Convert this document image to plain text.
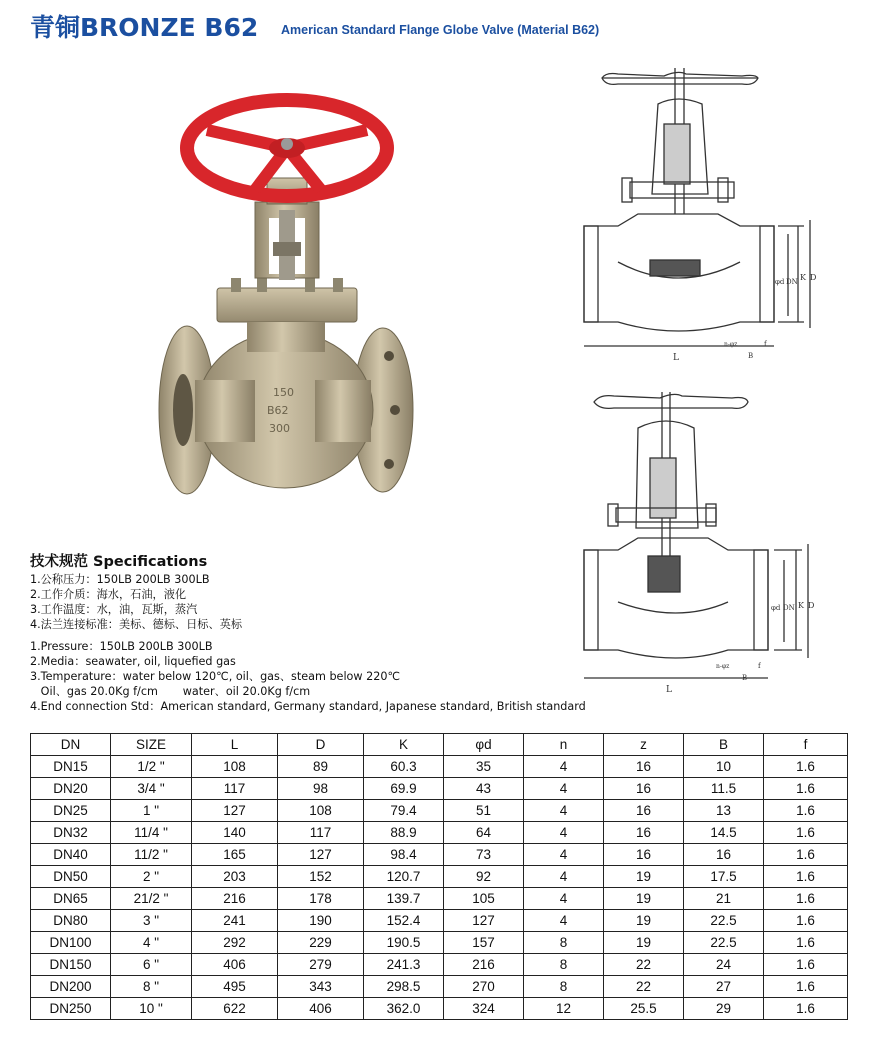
青铜BRONZE B62 American Standard Flange Globe Valve (Material B62)
150
B62
300
L
D
K
DN
φd
n-φz
B
f
L
D
K
DN
φd
n-φz
B
f
技术规范 Specifications
1.公称压力：150LB 200LB 300LB
2.工作介质：海水，石油，液化
3.工作温度：水，油，瓦斯，蒸汽
4.法兰连接标准：美标、德标、日标、英标
1.Pressure：150LB 200LB 300LB
2.Media：seawater, oil, liquefied gas
3.Temperature：water below 120℃, oil、gas、steam below 220℃
Oil、gas 20.0Kg f/cm       water、oil 20.0Kg f/cm
4.End connection Std：American standard, Germany standard, Japanese standard, British standard
DN	SIZE	L	D	K	φd	n	z	B	f
DN15	1/2 "	108	89	60.3	35	4	16	10	1.6
DN20	3/4 "	117	98	69.9	43	4	16	11.5	1.6
DN25	1 "	127	108	79.4	51	4	16	13	1.6
DN32	11/4 "	140	117	88.9	64	4	16	14.5	1.6
DN40	11/2 "	165	127	98.4	73	4	16	16	1.6
DN50	2 "	203	152	120.7	92	4	19	17.5	1.6
DN65	21/2 "	216	178	139.7	105	4	19	21	1.6
DN80	3 "	241	190	152.4	127	4	19	22.5	1.6
DN100	4 "	292	229	190.5	157	8	19	22.5	1.6
DN150	6 "	406	279	241.3	216	8	22	24	1.6
DN200	8 "	495	343	298.5	270	8	22	27	1.6
DN250	10 "	622	406	362.0	324	12	25.5	29	1.6
